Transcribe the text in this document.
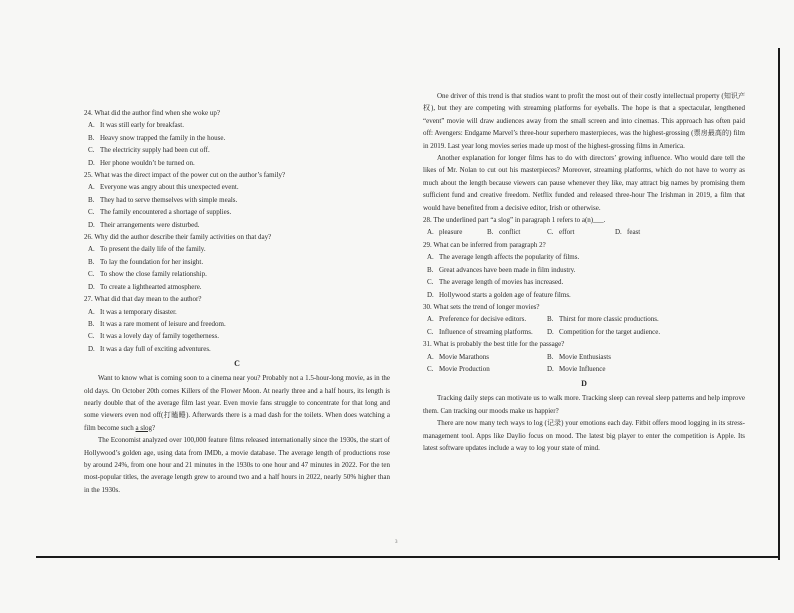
24. What did the author find when she woke up?

A. It was still early for breakfast.

B. Heavy snow trapped the family in the house.

C. The electricity supply had been cut off.

D. Her phone wouldn’t be turned on.

25. What was the direct impact of the power cut on the author’s family?

A. Everyone was angry about this unexpected event.

B. They had to serve themselves with simple meals.

C. The family encountered a shortage of supplies.

D. Their arrangements were disturbed.

26. Why did the author describe their family activities on that day?

A. To present the daily life of the family.

B. To lay the foundation for her insight.

C. To show the close family relationship.

D. To create a lighthearted atmosphere.

27. What did that day mean to the author?

A. It was a temporary disaster.

B. It was a rare moment of leisure and freedom.

C. It was a lovely day of family togetherness.

D. It was a day full of exciting adventures.

C

Want to know what is coming soon to a cinema near you? Probably not a 1.5-hour-long movie, as in the old days. On October 20th comes Killers of the Flower Moon. At nearly three and a half hours, its length is nearly double that of the average film last year. Even movie fans struggle to concentrate for that long and some viewers even nod off(打瞌睡). Afterwards there is a mad dash for the toilets. When does watching a film become such a slog?

The Economist analyzed over 100,000 feature films released internationally since the 1930s, the start of Hollywood’s golden age, using data from IMDb, a movie database. The average length of productions rose by around 24%, from one hour and 21 minutes in the 1930s to one hour and 47 minutes in 2022. For the ten most-popular titles, the average length grew to around two and a half hours in 2022, nearly 50% higher than in the 1930s.

One driver of this trend is that studios want to profit the most out of their costly intellectual property (知识产权), but they are competing with streaming platforms for eyeballs. The hope is that a spectacular, lengthened “event” movie will draw audiences away from the small screen and into cinemas. This approach has often paid off: Avengers: Endgame Marvel’s three-hour superhero masterpieces, was the highest-grossing (票房最高的) film in 2019. Last year long movies series made up most of the highest-grossing films in America.

Another explanation for longer films has to do with directors’ growing influence. Who would dare tell the likes of Mr. Nolan to cut out his masterpieces? Moreover, streaming platforms, which do not have to worry as much about the length because viewers can pause whenever they like, may attract big names by promising them sufficient fund and creative freedom. Netflix funded and released three-hour The Irishman in 2019, a film that would have benefited from a decisive editor, Irish or otherwise.

28. The underlined part “a slog” in paragraph 1 refers to a(n)___.

A. pleasure	B. conflict	C. effort	D. feast

29. What can be inferred from paragraph 2?

A. The average length affects the popularity of films.

B. Great advances have been made in film industry.

C. The average length of movies has increased.

D. Hollywood starts a golden age of feature films.

30. What sets the trend of longer movies?

A. Preference for decisive editors.	B. Thirst for more classic productions.
C. Influence of streaming platforms.	D. Competition for the target audience.

31. What is probably the best title for the passage?

A. Movie Marathons	B. Movie Enthusiasts
C. Movie Production	D. Movie Influence
D

Tracking daily steps can motivate us to walk more. Tracking sleep can reveal sleep patterns and help improve them. Can tracking our moods make us happier?

There are now many tech ways to log (记录) your emotions each day. Fitbit offers mood logging in its stress-management tool. Apps like Daylio focus on mood. The latest big player to enter the competition is Apple. Its latest software updates include a way to log your state of mind.

3
